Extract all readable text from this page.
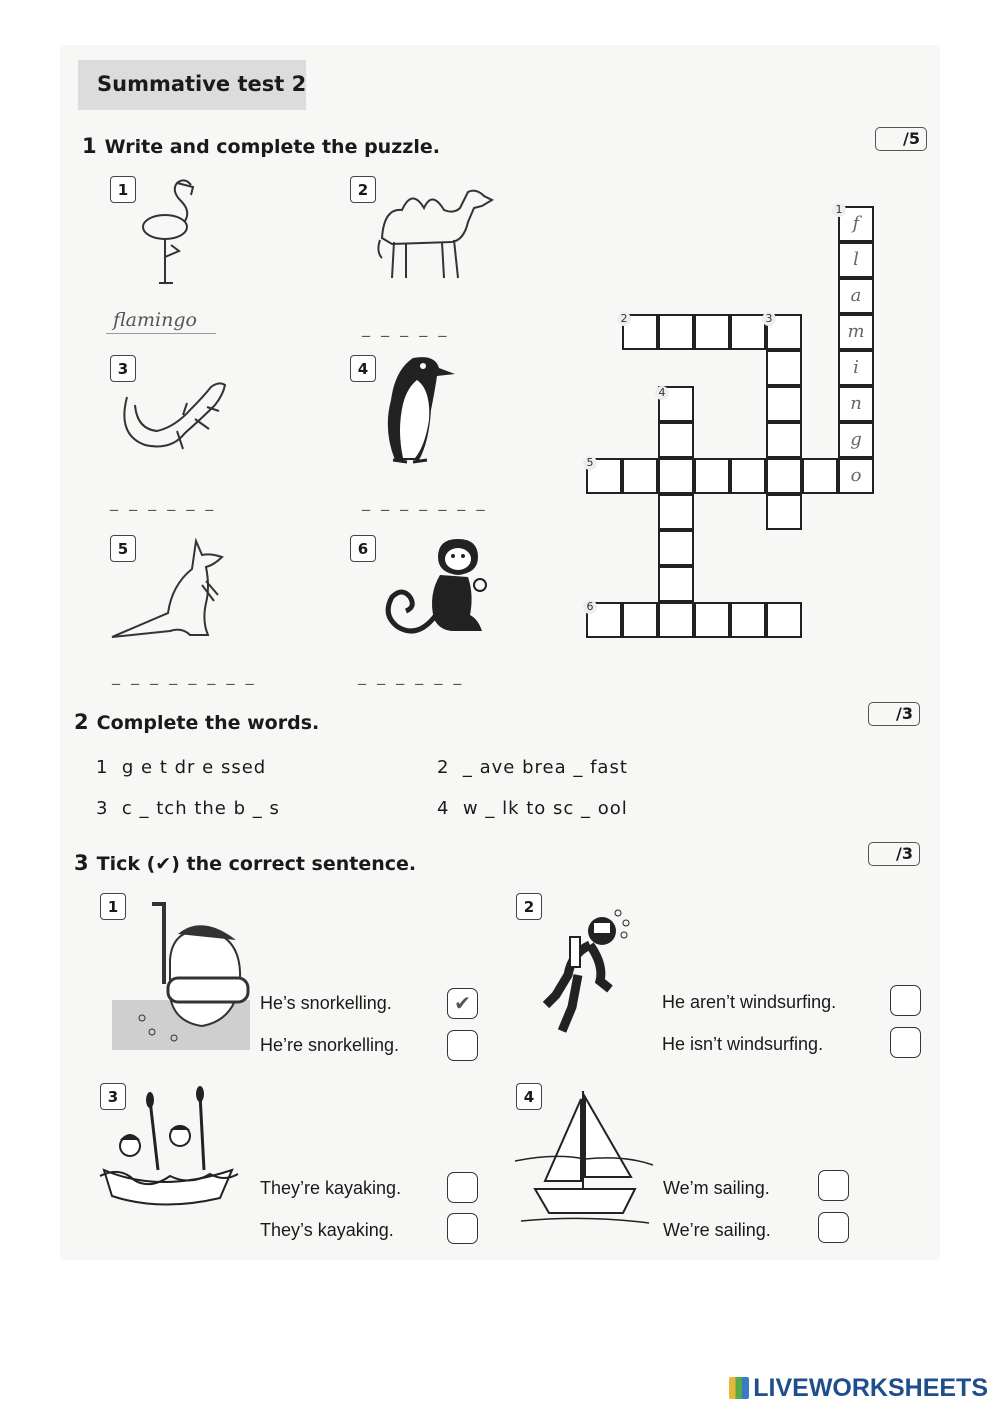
Summative test 2
1 Write and complete the puzzle.	/5
1
flamingo
2
_ _ _ _ _
3
_ _ _ _ _ _
4
_ _ _ _ _ _ _
5
_ _ _ _ _ _ _ _
6
_ _ _ _ _ _
f
l
a
m
i
n
g
o
1
2	3
4
5
6
2 Complete the words.	/3
1 g e t dr e ssed	2 _ ave brea _ fast
3 c _ tch the b _ s	4 w _ lk to sc _ ool
3 Tick (✔) the correct sentence.	/3
1
He’s snorkelling.	✔
He’re snorkelling.
2
He aren’t windsurfing.
He isn’t windsurfing.
3
They’re kayaking.
They’s kayaking.
4
We’m sailing.
We’re sailing.
LIVEWORKSHEETS
